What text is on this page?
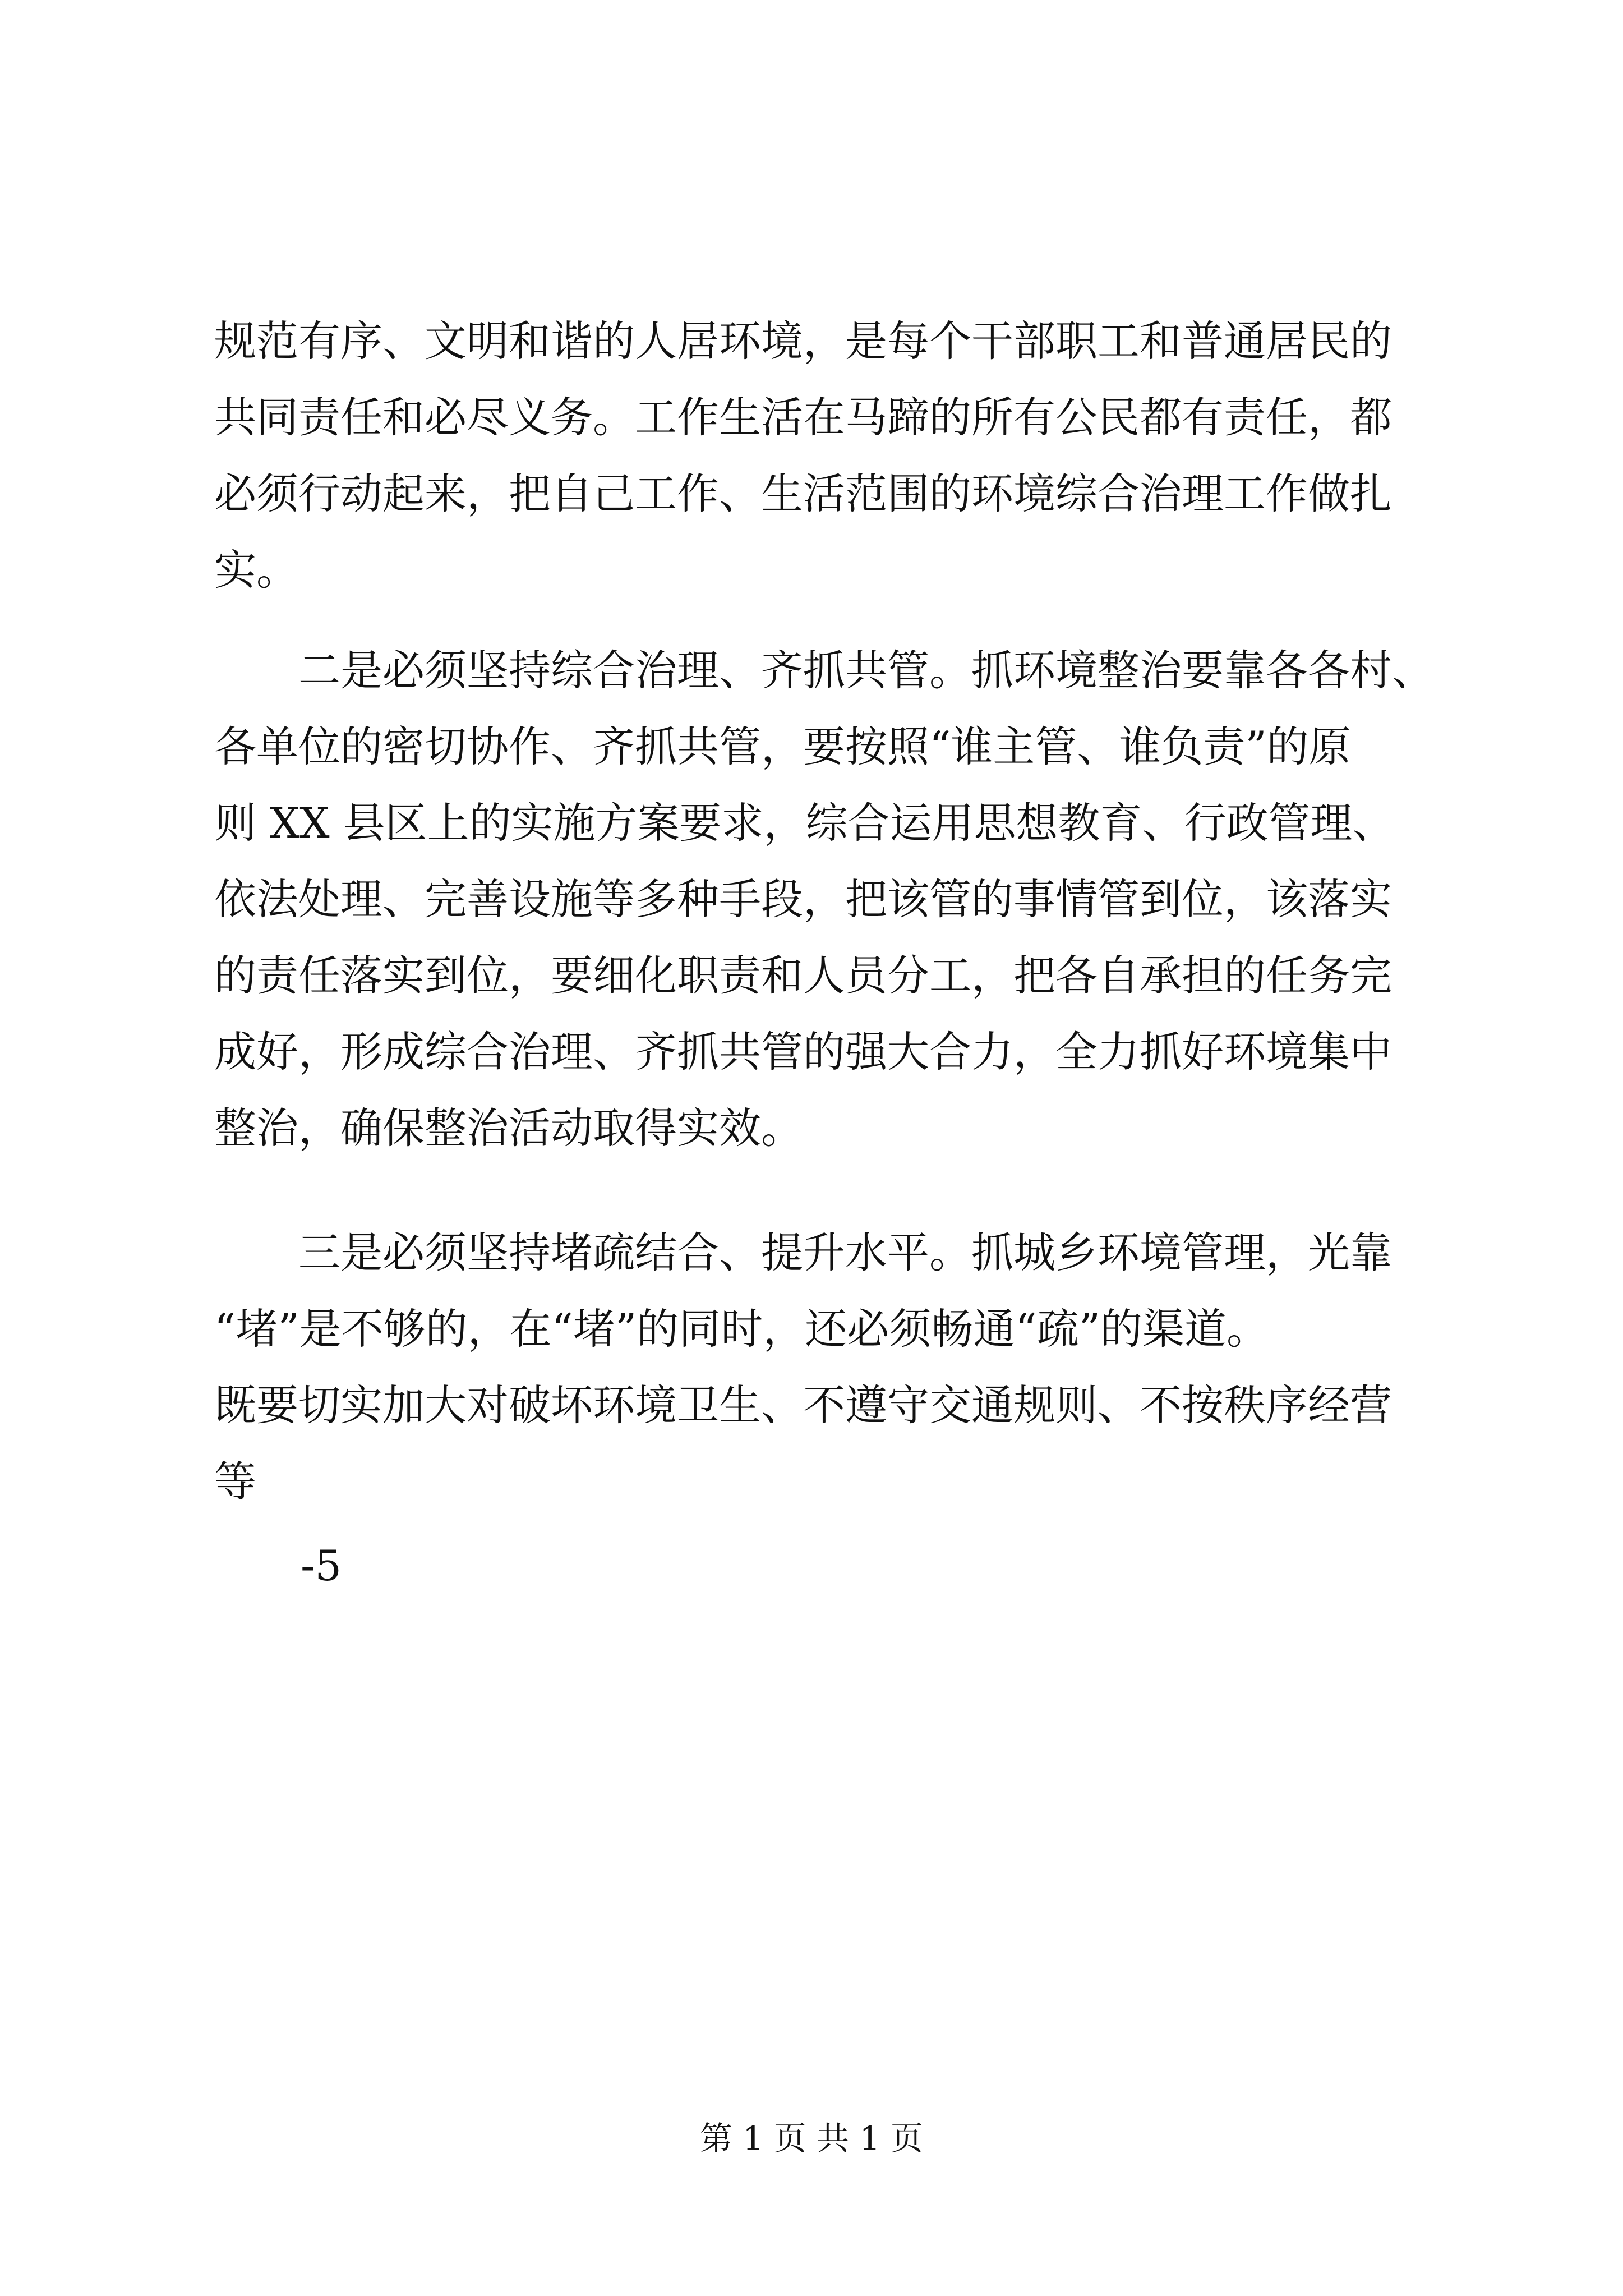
规范有序、文明和谐的人居环境，是每个干部职工和普通居民的
共同责任和必尽义务。工作生活在马蹄的所有公民都有责任，都
必须行动起来，把自己工作、生活范围的环境综合治理工作做扎
实。
二是必须坚持综合治理、齐抓共管。抓环境整治要靠各各村、
各单位的密切协作、齐抓共管，要按照“谁主管、谁负责”的原
则 XX 县区上的实施方案要求，综合运用思想教育、行政管理、
依法处理、完善设施等多种手段，把该管的事情管到位，该落实
的责任落实到位，要细化职责和人员分工，把各自承担的任务完
成好，形成综合治理、齐抓共管的强大合力，全力抓好环境集中
整治，确保整治活动取得实效。
三是必须坚持堵疏结合、提升水平。抓城乡环境管理，光靠
“堵”是不够的，在“堵”的同时，还必须畅通“疏”的渠道。
既要切实加大对破坏环境卫生、不遵守交通规则、不按秩序经营
等
-5
第 1 页 共 1 页
